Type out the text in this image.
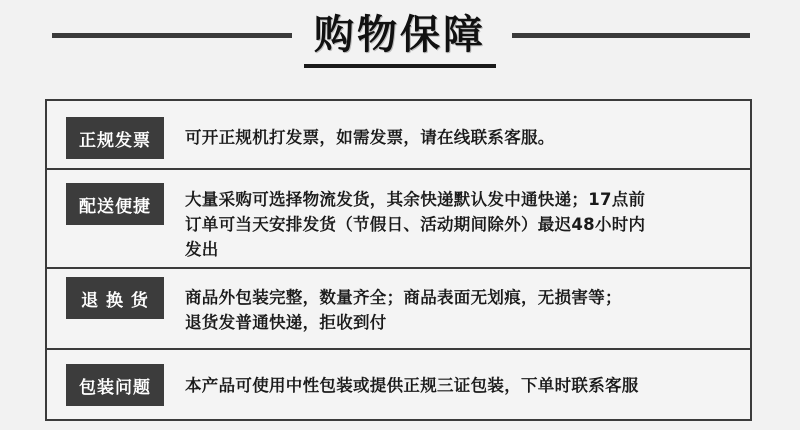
购物保障
正规发票	可开正规机打发票，如需发票，请在线联系客服。
配送便捷	大量采购可选择物流发货，其余快递默认发中通快递；17点前
订单可当天安排发货（节假日、活动期间除外）最迟48小时内
发出
退 换 货	商品外包装完整，数量齐全；商品表面无划痕，无损害等；
退货发普通快递，拒收到付
包装问题	本产品可使用中性包装或提供正规三证包装，下单时联系客服
